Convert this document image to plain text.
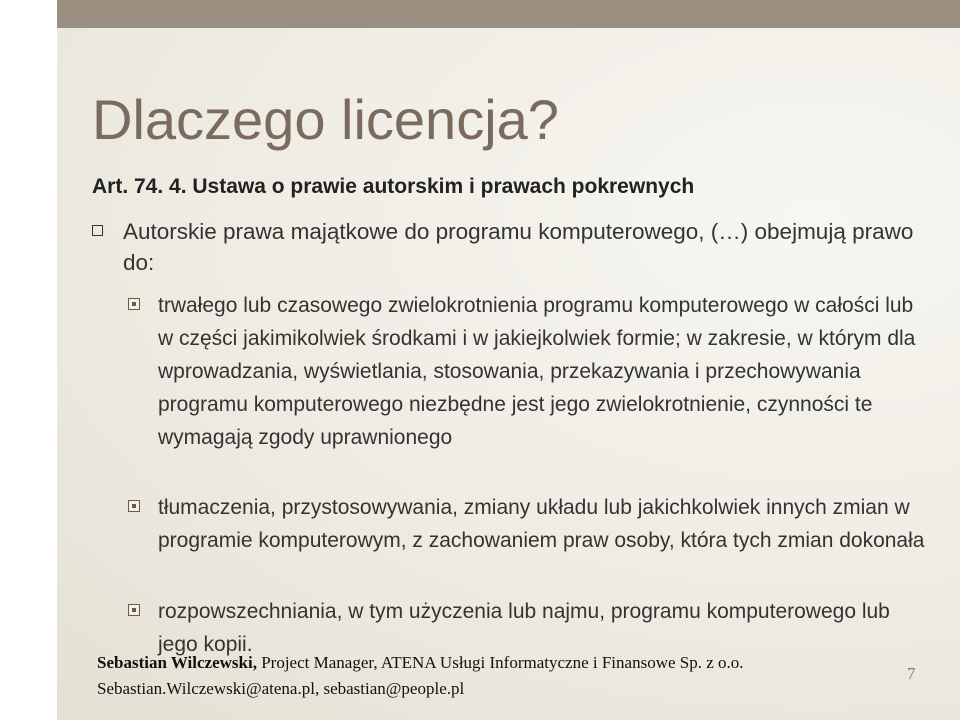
Dlaczego licencja?
Art. 74. 4. Ustawa o prawie autorskim i prawach pokrewnych
Autorskie prawa majątkowe do programu komputerowego, (…) obejmują prawo do:
trwałego lub czasowego zwielokrotnienia programu komputerowego w całości lub w części jakimikolwiek środkami i w jakiejkolwiek formie; w zakresie, w którym dla wprowadzania, wyświetlania, stosowania, przekazywania i przechowywania programu komputerowego niezbędne jest jego zwielokrotnienie, czynności te wymagają zgody uprawnionego
tłumaczenia, przystosowywania, zmiany układu lub jakichkolwiek innych zmian w programie komputerowym, z zachowaniem praw osoby, która tych zmian dokonała
rozpowszechniania, w tym użyczenia lub najmu, programu komputerowego lub jego kopii.
Sebastian Wilczewski, Project Manager, ATENA Usługi Informatyczne i Finansowe Sp. z o.o.
Sebastian.Wilczewski@atena.pl, sebastian@people.pl
7
